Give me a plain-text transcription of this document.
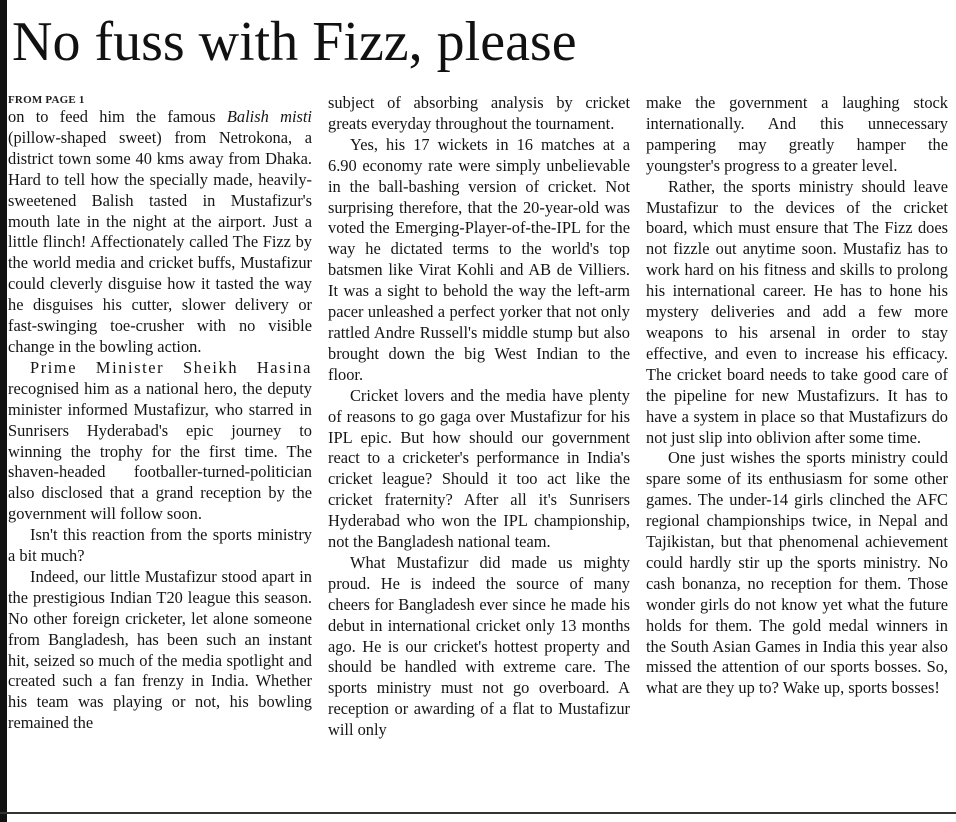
No fuss with Fizz, please
FROM PAGE 1

on to feed him the famous Balish misti (pillow-shaped sweet) from Netrokona, a district town some 40 kms away from Dhaka. Hard to tell how the specially made, heavily-sweetened Balish tasted in Mustafizur's mouth late in the night at the airport. Just a little flinch! Affectionately called The Fizz by the world media and cricket buffs, Mustafizur could cleverly disguise how it tasted the way he disguises his cutter, slower delivery or fast-swinging toe-crusher with no visible change in the bowling action.

Prime Minister Sheikh Hasina recognised him as a national hero, the deputy minister informed Mustafizur, who starred in Sunrisers Hyderabad's epic journey to winning the trophy for the first time. The shaven-headed footballer-turned-politician also disclosed that a grand reception by the government will follow soon.

Isn't this reaction from the sports ministry a bit much?

Indeed, our little Mustafizur stood apart in the prestigious Indian T20 league this season. No other foreign cricketer, let alone someone from Bangladesh, has been such an instant hit, seized so much of the media spotlight and created such a fan frenzy in India. Whether his team was playing or not, his bowling remained the

subject of absorbing analysis by cricket greats everyday throughout the tournament.

Yes, his 17 wickets in 16 matches at a 6.90 economy rate were simply unbelievable in the ball-bashing version of cricket. Not surprising therefore, that the 20-year-old was voted the Emerging-Player-of-the-IPL for the way he dictated terms to the world's top batsmen like Virat Kohli and AB de Villiers. It was a sight to behold the way the left-arm pacer unleashed a perfect yorker that not only rattled Andre Russell's middle stump but also brought down the big West Indian to the floor.

Cricket lovers and the media have plenty of reasons to go gaga over Mustafizur for his IPL epic. But how should our government react to a cricketer's performance in India's cricket league? Should it too act like the cricket fraternity? After all it's Sunrisers Hyderabad who won the IPL championship, not the Bangladesh national team.

What Mustafizur did made us mighty proud. He is indeed the source of many cheers for Bangladesh ever since he made his debut in international cricket only 13 months ago. He is our cricket's hottest property and should be handled with extreme care. The sports ministry must not go overboard. A reception or awarding of a flat to Mustafizur will only

make the government a laughing stock internationally. And this unnecessary pampering may greatly hamper the youngster's progress to a greater level.

Rather, the sports ministry should leave Mustafizur to the devices of the cricket board, which must ensure that The Fizz does not fizzle out anytime soon. Mustafiz has to work hard on his fitness and skills to prolong his international career. He has to hone his mystery deliveries and add a few more weapons to his arsenal in order to stay effective, and even to increase his efficacy. The cricket board needs to take good care of the pipeline for new Mustafizurs. It has to have a system in place so that Mustafizurs do not just slip into oblivion after some time.

One just wishes the sports ministry could spare some of its enthusiasm for some other games. The under-14 girls clinched the AFC regional championships twice, in Nepal and Tajikistan, but that phenomenal achievement could hardly stir up the sports ministry. No cash bonanza, no reception for them. Those wonder girls do not know yet what the future holds for them. The gold medal winners in the South Asian Games in India this year also missed the attention of our sports bosses. So, what are they up to? Wake up, sports bosses!
